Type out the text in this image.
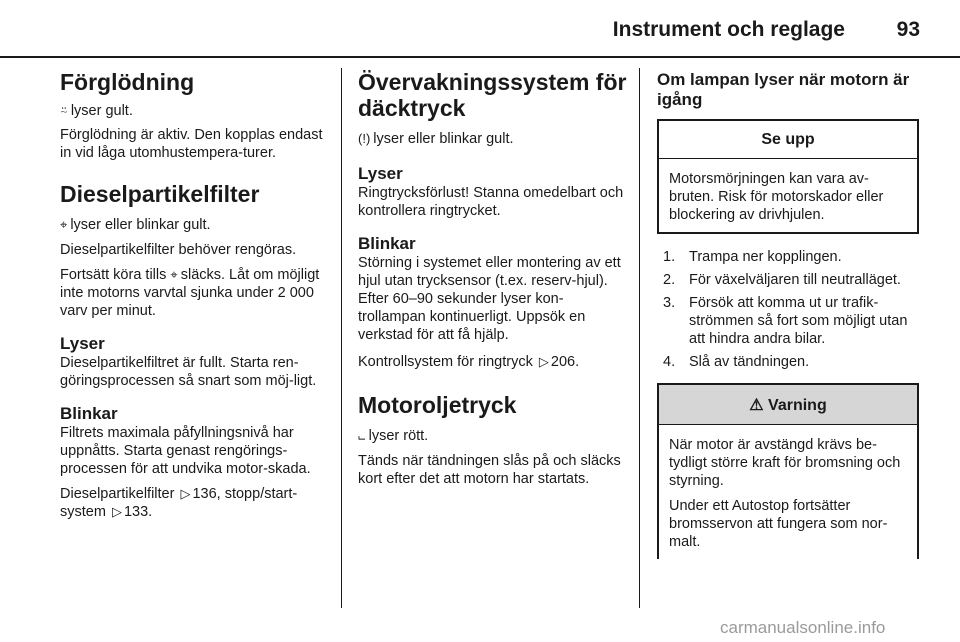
Instrument och reglage 93
Förglödning

⍨ lyser gult.

Förglödning är aktiv. Den kopplas endast in vid låga utomhustempera-turer.

Dieselpartikelfilter

⌖ lyser eller blinkar gult.

Dieselpartikelfilter behöver rengöras.

Fortsätt köra tills ⌖ släcks. Låt om möjligt inte motorns varvtal sjunka under 2 000 varv per minut.

Lyser

Dieselpartikelfiltret är fullt. Starta ren-göringsprocessen så snart som möj-ligt.

Blinkar

Filtrets maximala påfyllningsnivå har uppnåtts. Starta genast rengörings-processen för att undvika motor-skada.

Dieselpartikelfilter ▷ 136, stopp/start-system ▷ 133.

Övervakningssystem för däcktryck

(!) lyser eller blinkar gult.

Lyser

Ringtrycksförlust! Stanna omedelbart och kontrollera ringtrycket.

Blinkar

Störning i systemet eller montering av ett hjul utan trycksensor (t.ex. reserv-hjul). Efter 60–90 sekunder lyser kon-trollampan kontinuerligt. Uppsök en verkstad för att få hjälp.

Kontrollsystem för ringtryck ▷ 206.

Motoroljetryck

⨽ lyser rött.

Tänds när tändningen slås på och släcks kort efter det att motorn har startats.

Om lampan lyser när motorn är igång
Se upp

Motorsmörjningen kan vara av-bruten. Risk för motorskador eller blockering av drivhjulen.

1. Trampa ner kopplingen.
2. För växelväljaren till neutralläget.
3. Försök att komma ut ur trafik-strömmen så fort som möjligt utan att hindra andra bilar.
4. Slå av tändningen.
⚠ Varning

När motor är avstängd krävs be-tydligt större kraft för bromsning och styrning.

Under ett Autostop fortsätter bromsservon att fungera som nor-malt.

carmanualsonline.info
